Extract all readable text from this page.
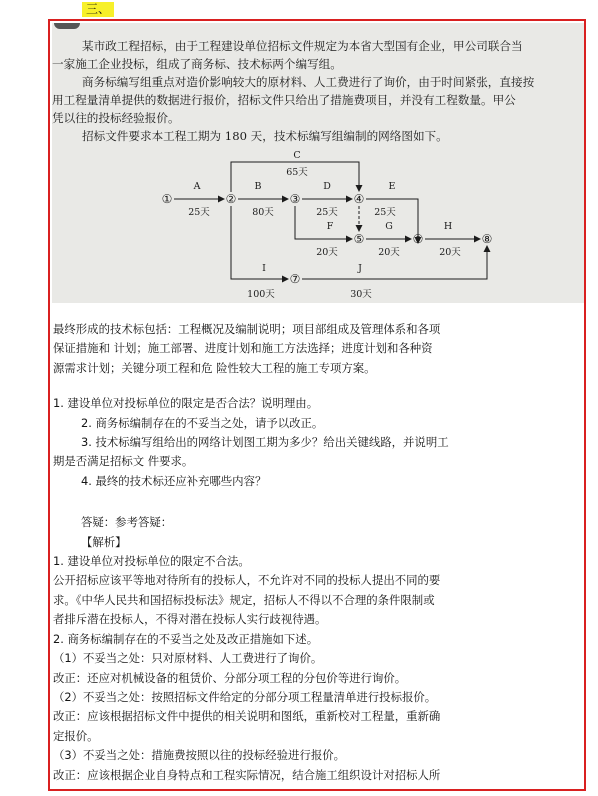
三、

某市政工程招标，由于工程建设单位招标文件规定为本省大型国有企业，甲公司联合当

一家施工企业投标，组成了商务标、技术标两个编写组。

商务标编写组重点对造价影响较大的原材料、人工费进行了询价，由于时间紧张，直接按

用工程量清单提供的数据进行报价，招标文件只给出了措施费项目，并没有工程数量。甲公

凭以往的投标经验报价。

招标文件要求本工程工期为 180 天，技术标编写组编制的网络图如下。

①	②	③	④
⑤	⑥
⑦
⑧
A
25天
B
80天
C
65天
D
25天
E
25天
F
20天
G
20天
H
20天
I
100天
J
30天

最终形成的技术标包括：工程概况及编制说明；项目部组成及管理体系和各项

保证措施和 计划；施工部署、进度计划和施工方法选择；进度计划和各种资

源需求计划；关键分项工程和危 险性较大工程的施工专项方案。

1. 建设单位对投标单位的限定是否合法？说明理由。

2. 商务标编制存在的不妥当之处，请予以改正。

3. 技术标编写组给出的网络计划图工期为多少？给出关键线路，并说明工

期是否满足招标文 件要求。

4. 最终的技术标还应补充哪些内容？

答疑：参考答疑：

【解析】

1. 建设单位对投标单位的限定不合法。

公开招标应该平等地对待所有的投标人，不允许对不同的投标人提出不同的要

求。《中华人民共和国招标投标法》规定，招标人不得以不合理的条件限制或

者排斥潜在投标人，不得对潜在投标人实行歧视待遇。

2. 商务标编制存在的不妥当之处及改正措施如下述。

（1）不妥当之处：只对原材料、人工费进行了询价。

改正：还应对机械设备的租赁价、分部分项工程的分包价等进行询价。

（2）不妥当之处：按照招标文件给定的分部分项工程量清单进行投标报价。

改正：应该根据招标文件中提供的相关说明和图纸，重新校对工程量，重新确

定报价。

（3）不妥当之处：措施费按照以往的投标经验进行报价。

改正：应该根据企业自身特点和工程实际情况，结合施工组织设计对招标人所
